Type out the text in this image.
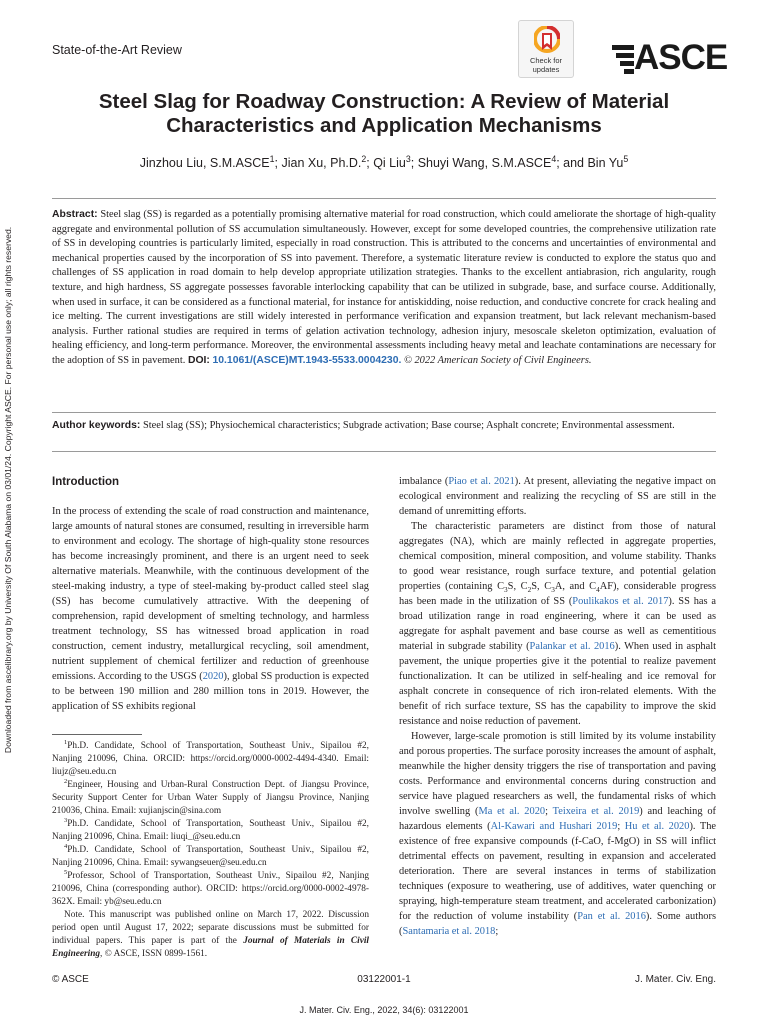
Downloaded from ascelibrary.org by University Of South Alabama on 03/01/24. Copyright ASCE. For personal use only; all rights reserved.
State-of-the-Art Review
Check for
updates	ASCE
Steel Slag for Roadway Construction: A Review of Material
Characteristics and Application Mechanisms
Jinzhou Liu, S.M.ASCE$^1$; Jian Xu, Ph.D.$^2$; Qi Liu$^3$; Shuyi Wang, S.M.ASCE$^4$; and Bin Yu$^5$
Abstract: Steel slag (SS) is regarded as a potentially promising alternative material for road construction, which could ameliorate the shortage of high-quality aggregate and environmental pollution of SS accumulation simultaneously. However, except for some developed countries, the comprehensive utilization rate of SS in developing countries is particularly limited, especially in road construction. This is attributed to the concerns and uncertainties of environmental and mechanical properties caused by the incorporation of SS into pavement. Therefore, a systematic literature review is conducted to explore the status quo and challenges of SS application in road domain to help develop appropriate utilization strategies. Thanks to the excellent antiabrasion, rich angularity, rough texture, and high hardness, SS aggregate possesses favorable interlocking capability that can be utilized in subgrade, base, and surface course. Additionally, when used in surface, it can be considered as a functional material, for instance for antiskidding, noise reduction, and conductive concrete for crack healing and ice melting. The current investigations are still widely interested in performance verification and expansion treatment, but lack relevant mechanism-based analysis. Further rational studies are required in terms of gelation activation technology, adhesion injury, mesoscale skeleton optimization, evaluation of healing efficiency, and long-term performance. Moreover, the environmental assessments including heavy metal and leachate contaminations are necessary for the adoption of SS in pavement. DOI: 10.1061/(ASCE)MT.1943-5533.0004230. © 2022 American Society of Civil Engineers.
Author keywords: Steel slag (SS); Physiochemical characteristics; Subgrade activation; Base course; Asphalt concrete; Environmental assessment.
Introduction

In the process of extending the scale of road construction and maintenance, large amounts of natural stones are consumed, resulting in irreversible harm to environment and ecology. The shortage of high-quality stone resources has become increasingly prominent, and there is an urgent need to seek alternative materials. Meanwhile, with the continuous development of the steel-making industry, a type of steel-making by-product called steel slag (SS) has become cumulatively attractive. With the deepening of comprehension, rapid development of smelting technology, and harmless treatment technology, SS has witnessed broad application in road construction, cement industry, metallurgical recycling, soil amendment, nutrient supplement of chemical fertilizer and reduction of greenhouse emissions. According to the USGS (2020), global SS production is expected to be between 190 million and 280 million tons in 2019. However, the application of SS exhibits regional

$^1$Ph.D. Candidate, School of Transportation, Southeast Univ., Sipailou #2, Nanjing 210096, China. ORCID: https://orcid.org/0000-0002-4494-4340. Email: liujz@seu.edu.cn

$^2$Engineer, Housing and Urban-Rural Construction Dept. of Jiangsu Province, Security Support Center for Urban Water Supply of Jiangsu Province, Nanjing 210036, China. Email: xujianjscin@sina.com

$^3$Ph.D. Candidate, School of Transportation, Southeast Univ., Sipailou #2, Nanjing 210096, China. Email: liuqi_@seu.edu.cn

$^4$Ph.D. Candidate, School of Transportation, Southeast Univ., Sipailou #2, Nanjing 210096, China. Email: sywangseuer@seu.edu.cn

$^5$Professor, School of Transportation, Southeast Univ., Sipailou #2, Nanjing 210096, China (corresponding author). ORCID: https://orcid.org/0000-0002-4978-362X. Email: yb@seu.edu.cn

Note. This manuscript was published online on March 17, 2022. Discussion period open until August 17, 2022; separate discussions must be submitted for individual papers. This paper is part of the Journal of Materials in Civil Engineering, © ASCE, ISSN 0899-1561.

imbalance (Piao et al. 2021). At present, alleviating the negative impact on ecological environment and realizing the recycling of SS are still in the demand of unremitting efforts.

The characteristic parameters are distinct from those of natural aggregates (NA), which are mainly reflected in aggregate properties, chemical composition, mineral composition, and volume stability. Thanks to good wear resistance, rough surface texture, and potential gelation properties (containing $C_3S$, $C_2S$, $C_3A$, and $C_4AF$), considerable progress has been made in the utilization of SS (Poulikakos et al. 2017). SS has a broad utilization range in road engineering, where it can be used as aggregate for asphalt pavement and base course as well as cementitious material in subgrade stability (Palankar et al. 2016). When used in asphalt pavement, the unique properties give it the potential to realize pavement functionalization. It can be utilized in self-healing and ice removal for asphalt concrete in consequence of rich iron-related elements. With the benefit of rich surface texture, SS has the capability to improve the skid resistance and noise reduction of pavement.

However, large-scale promotion is still limited by its volume instability and porous properties. The surface porosity increases the amount of asphalt, meanwhile the higher density triggers the rise of transportation and paving costs. Performance and environmental concerns during construction and service have plagued researchers as well, the fundamental risks of which involve swelling (Ma et al. 2020; Teixeira et al. 2019) and leaching of hazardous elements (Al-Kawari and Hushari 2019; Hu et al. 2020). The existence of free expansive compounds (f-CaO, f-MgO) in SS will inflict detrimental effects on pavement, resulting in expansion and accelerated deterioration. There are several instances in terms of stabilization techniques (exposure to weathering, use of additives, water quenching or spraying, high-temperature steam treatment, and accelerated carbonization) for the reduction of volume instability (Pan et al. 2016). Some authors (Santamaria et al. 2018;

© ASCE	03122001-1	J. Mater. Civ. Eng.
J. Mater. Civ. Eng., 2022, 34(6): 03122001
